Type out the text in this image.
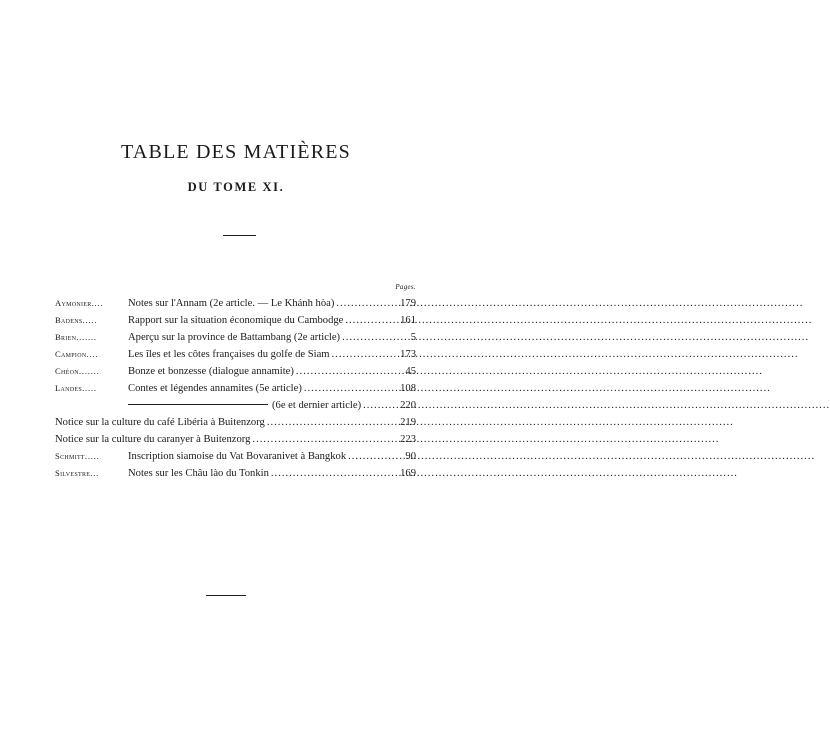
TABLE DES MATIÈRES
DU TOME XI.
Pages.
Aymonier....	Notes sur l'Annam (2e article. — Le Khánh hòa) .....	179
Badens.....	Rapport sur la situation économique du Cambodge .....	161
Brien.......	Aperçu sur la province de Battambang (2e article) .....	5
Campion....	Les îles et les côtes françaises du golfe de Siam .....	173
Chéon.......	Bonze et bonzesse (dialogue annamite) .....	45
Landes.....	Contes et légendes annamites (5e article) .....	108
(6e et dernier article) .....	220
Notice sur la culture du café Libéria à Buitenzorg .....	219
Notice sur la culture du caranyer à Buitenzorg .....	223
Schmitt.....	Inscription siamoise du Vat Bovaranivet à Bangkok .....	90
Silvestre...	Notes sur les Châu lào du Tonkin .....	169
